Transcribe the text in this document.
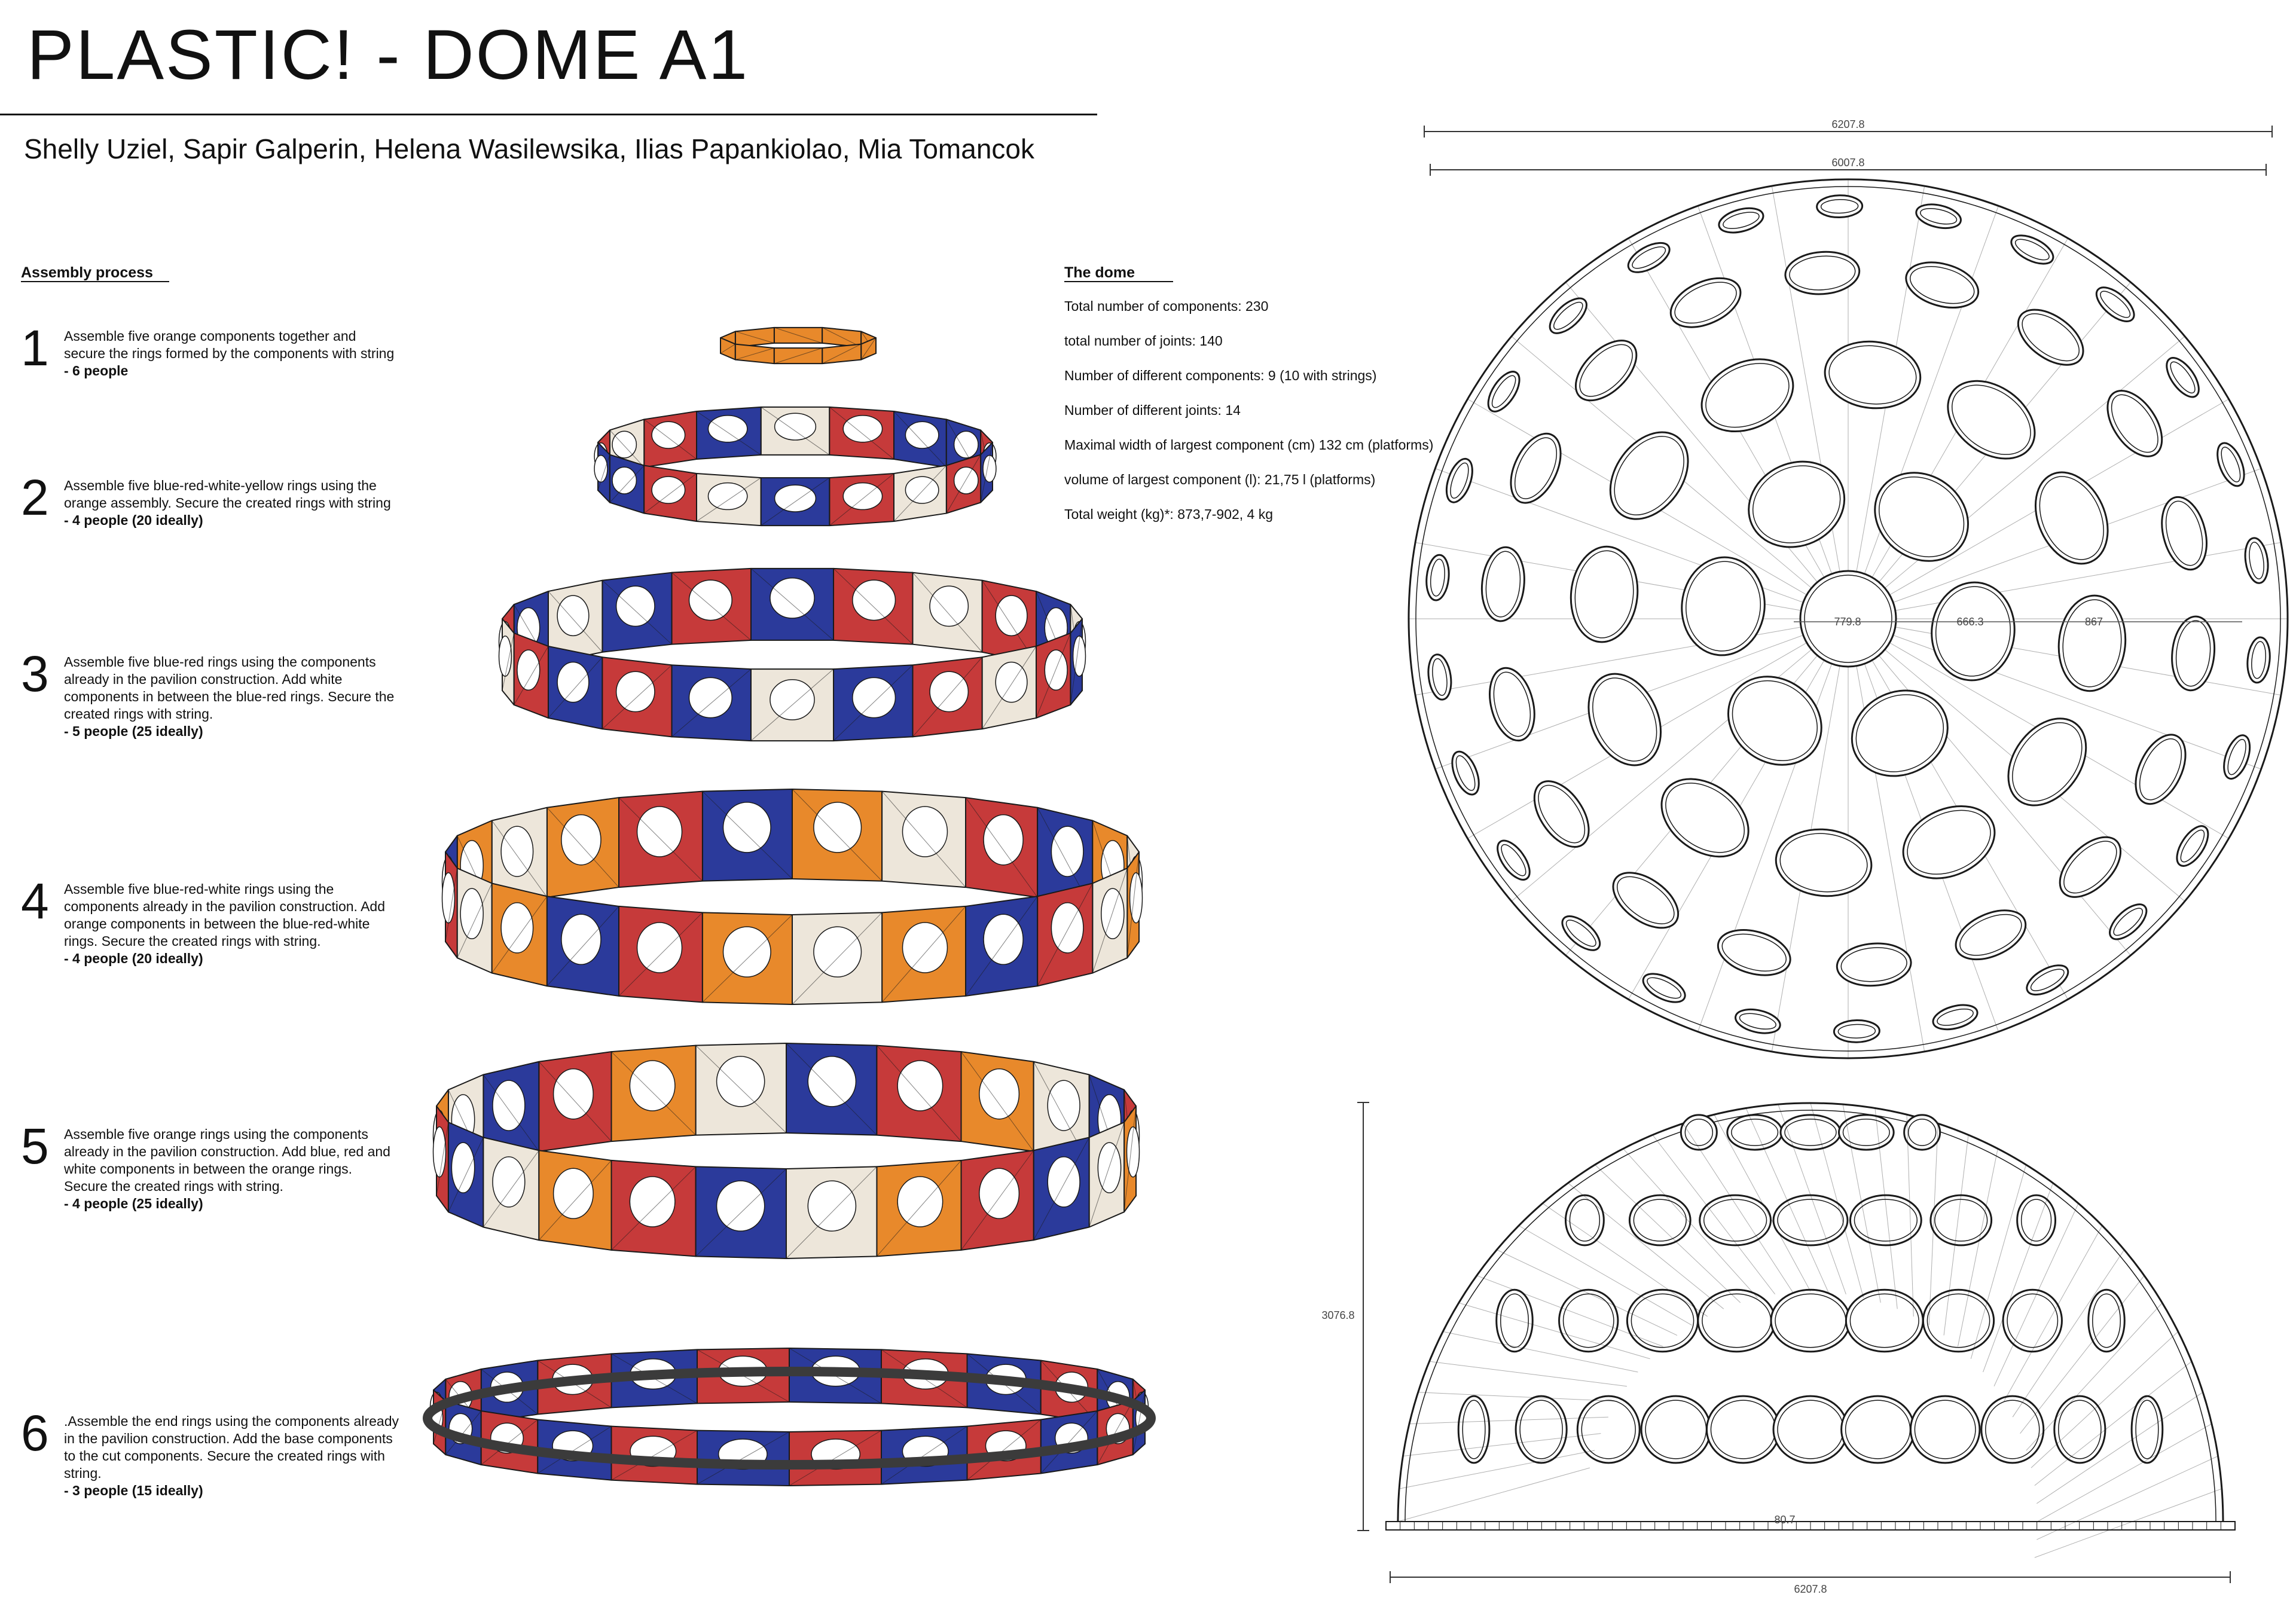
PLASTIC! - DOME A1
Shelly Uziel, Sapir Galperin, Helena Wasilewsika, Ilias Papankiolao, Mia Tomancok
Assembly process	The dome
Total number of components: 230
total number of joints: 140
Number of different components: 9 (10 with strings)
Number of different joints: 14
Maximal width of largest component (cm) 132 cm (platforms)
volume of largest component (l): 21,75 l (platforms)
Total weight (kg)*: 873,7-902, 4 kg
6207.8
6007.8
779.8	666.3	867
3076.8
6207.8
80.7
1 Assemble five orange components together and secure the rings formed by the components with string
- 6 people
2 Assemble five blue-red-white-yellow rings using the orange assembly. Secure the created rings with string
- 4 people (20 ideally)
3 Assemble five blue-red rings using the components already in the pavilion construction. Add white components in between the blue-red rings. Secure the created rings with string.
- 5 people (25 ideally)
4 Assemble five blue-red-white rings using the components already in the pavilion construction. Add orange components in between the blue-red-white rings. Secure the created rings with string.
- 4 people (20 ideally)
5 Assemble five orange rings using the components already in the pavilion construction. Add blue, red and white components in between the orange rings. Secure the created rings with string.
- 4 people (25 ideally)
6 .Assemble the end rings using the components already in the pavilion construction. Add the base components to the cut components. Secure the created rings with string.
- 3 people (15 ideally)
